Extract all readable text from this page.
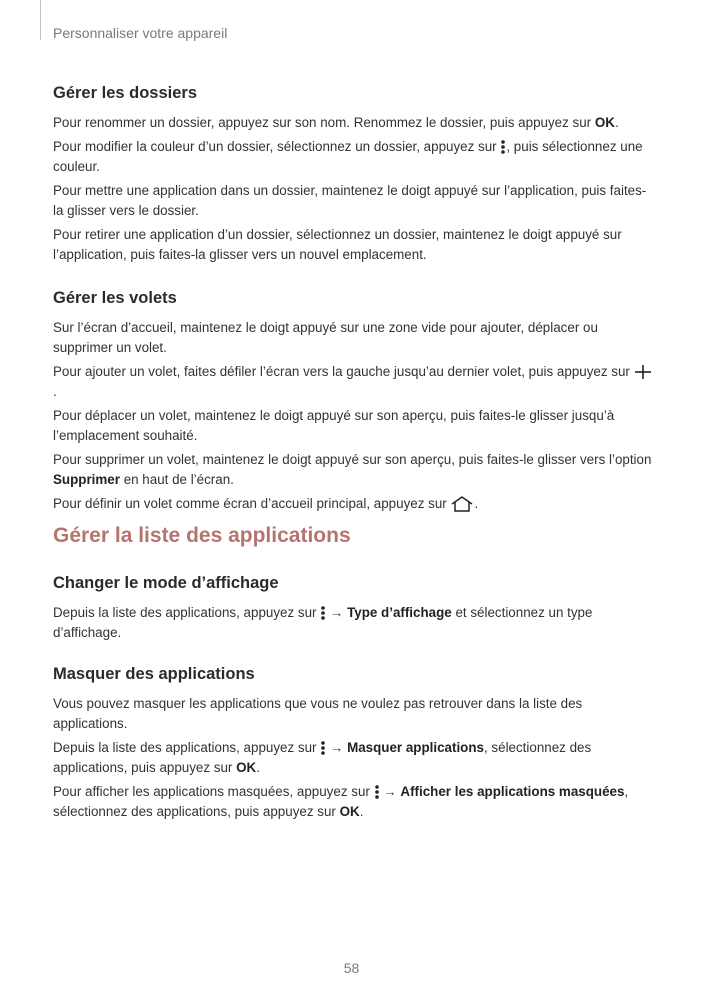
Personnaliser votre appareil
Gérer les dossiers

Pour renommer un dossier, appuyez sur son nom. Renommez le dossier, puis appuyez sur OK.

Pour modifier la couleur d’un dossier, sélectionnez un dossier, appuyez sur
, puis sélectionnez une couleur.

Pour mettre une application dans un dossier, maintenez le doigt appuyé sur l’application, puis faites-la glisser vers le dossier.

Pour retirer une application d’un dossier, sélectionnez un dossier, maintenez le doigt appuyé sur l’application, puis faites-la glisser vers un nouvel emplacement.

Gérer les volets

Sur l’écran d’accueil, maintenez le doigt appuyé sur une zone vide pour ajouter, déplacer ou supprimer un volet.

Pour ajouter un volet, faites défiler l’écran vers la gauche jusqu’au dernier volet, puis appuyez sur
.

Pour déplacer un volet, maintenez le doigt appuyé sur son aperçu, puis faites-le glisser jusqu’à l’emplacement souhaité.

Pour supprimer un volet, maintenez le doigt appuyé sur son aperçu, puis faites-le glisser vers l’option Supprimer en haut de l’écran.

Pour définir un volet comme écran d’accueil principal, appuyez sur
.

Gérer la liste des applications
Changer le mode d’affichage

Depuis la liste des applications, appuyez sur
→ Type d’affichage et sélectionnez un type d’affichage.

Masquer des applications

Vous pouvez masquer les applications que vous ne voulez pas retrouver dans la liste des applications.

Depuis la liste des applications, appuyez sur
→ Masquer applications, sélectionnez des applications, puis appuyez sur OK.

Pour afficher les applications masquées, appuyez sur
→ Afficher les applications masquées, sélectionnez des applications, puis appuyez sur OK.

58
